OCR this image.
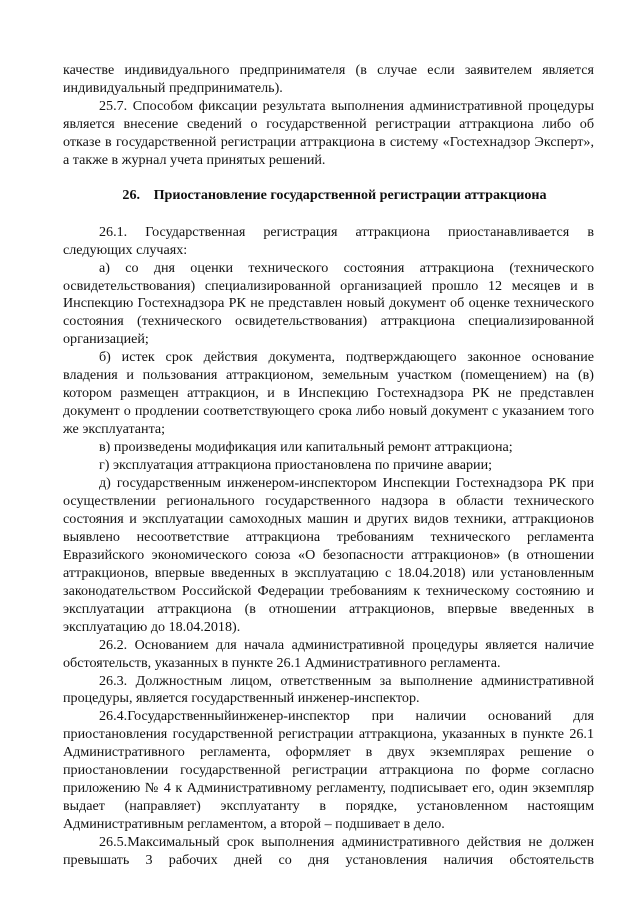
качестве индивидуального предпринимателя (в случае если заявителем является индивидуальный предприниматель).

25.7. Способом фиксации результата выполнения административной процедуры является внесение сведений о государственной регистрации аттракциона либо об отказе в государственной регистрации аттракциона в систему «Гостехнадзор Эксперт», а также в журнал учета принятых решений.

26. Приостановление государственной регистрации аттракциона

26.1. Государственная регистрация аттракциона приостанавливается в следующих случаях:

а) со дня оценки технического состояния аттракциона (технического освидетельствования) специализированной организацией прошло 12 месяцев и в Инспекцию Гостехнадзора РК не представлен новый документ об оценке технического состояния (технического освидетельствования) аттракциона специализированной организацией;

б) истек срок действия документа, подтверждающего законное основание владения и пользования аттракционом, земельным участком (помещением) на (в) котором размещен аттракцион, и в Инспекцию Гостехнадзора РК не представлен документ о продлении соответствующего срока либо новый документ с указанием того же эксплуатанта;

в) произведены модификация или капитальный ремонт аттракциона;

г) эксплуатация аттракциона приостановлена по причине аварии;

д) государственным инженером-инспектором Инспекции Гостехнадзора РК при осуществлении регионального государственного надзора в области технического состояния и эксплуатации самоходных машин и других видов техники, аттракционов выявлено несоответствие аттракциона требованиям технического регламента Евразийского экономического союза «О безопасности аттракционов» (в отношении аттракционов, впервые введенных в эксплуатацию с 18.04.2018) или установленным законодательством Российской Федерации требованиям к техническому состоянию и эксплуатации аттракциона (в отношении аттракционов, впервые введенных в эксплуатацию до 18.04.2018).

26.2. Основанием для начала административной процедуры является наличие обстоятельств, указанных в пункте 26.1 Административного регламента.

26.3. Должностным лицом, ответственным за выполнение административной процедуры, является государственный инженер-инспектор.

26.4.Государственныйинженер-инспектор при наличии оснований для приостановления государственной регистрации аттракциона, указанных в пункте 26.1 Административного регламента, оформляет в двух экземплярах решение о приостановлении государственной регистрации аттракциона по форме согласно приложению № 4 к Административному регламенту, подписывает его, один экземпляр выдает (направляет) эксплуатанту в порядке, установленном настоящим Административным регламентом, а второй – подшивает в дело.

26.5.Максимальный срок выполнения административного действия не должен превышать 3 рабочих дней со дня установления наличия обстоятельств
